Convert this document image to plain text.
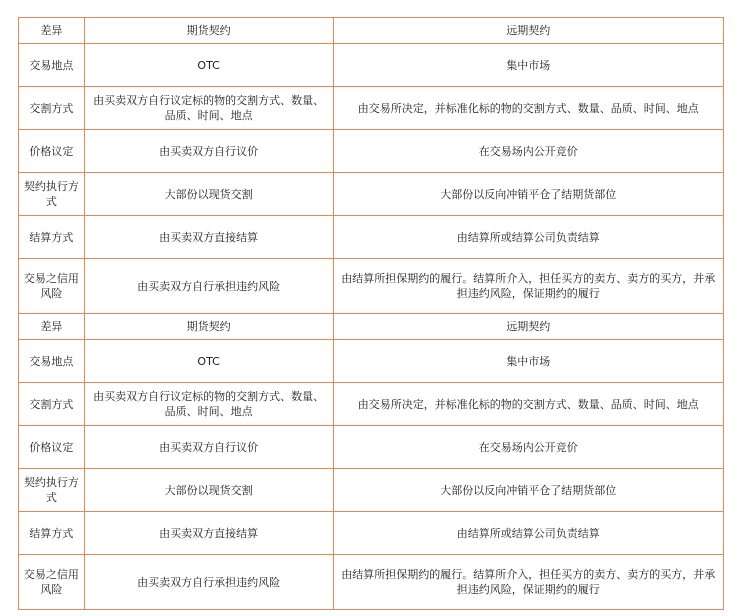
差异	期货契约	远期契约
交易地点	OTC	集中市场
交割方式	由买卖双方自行议定标的物的交割方式、数量、品质、时间、地点	由交易所决定，并标准化标的物的交割方式、数量、品质、时间、地点
价格议定	由买卖双方自行议价	在交易场内公开竞价
契约执行方式	大部份以现货交割	大部份以反向冲销平仓了结期货部位
结算方式	由买卖双方直接结算	由结算所或结算公司负责结算
交易之信用风险	由买卖双方自行承担违约风险	由结算所担保期约的履行。结算所介入，担任买方的卖方、卖方的买方，并承担违约风险，保证期约的履行
差异	期货契约	远期契约
交易地点	OTC	集中市场
交割方式	由买卖双方自行议定标的物的交割方式、数量、品质、时间、地点	由交易所决定，并标准化标的物的交割方式、数量、品质、时间、地点
价格议定	由买卖双方自行议价	在交易场内公开竞价
契约执行方式	大部份以现货交割	大部份以反向冲销平仓了结期货部位
结算方式	由买卖双方直接结算	由结算所或结算公司负责结算
交易之信用风险	由买卖双方自行承担违约风险	由结算所担保期约的履行。结算所介入，担任买方的卖方、卖方的买方，并承担违约风险，保证期约的履行
